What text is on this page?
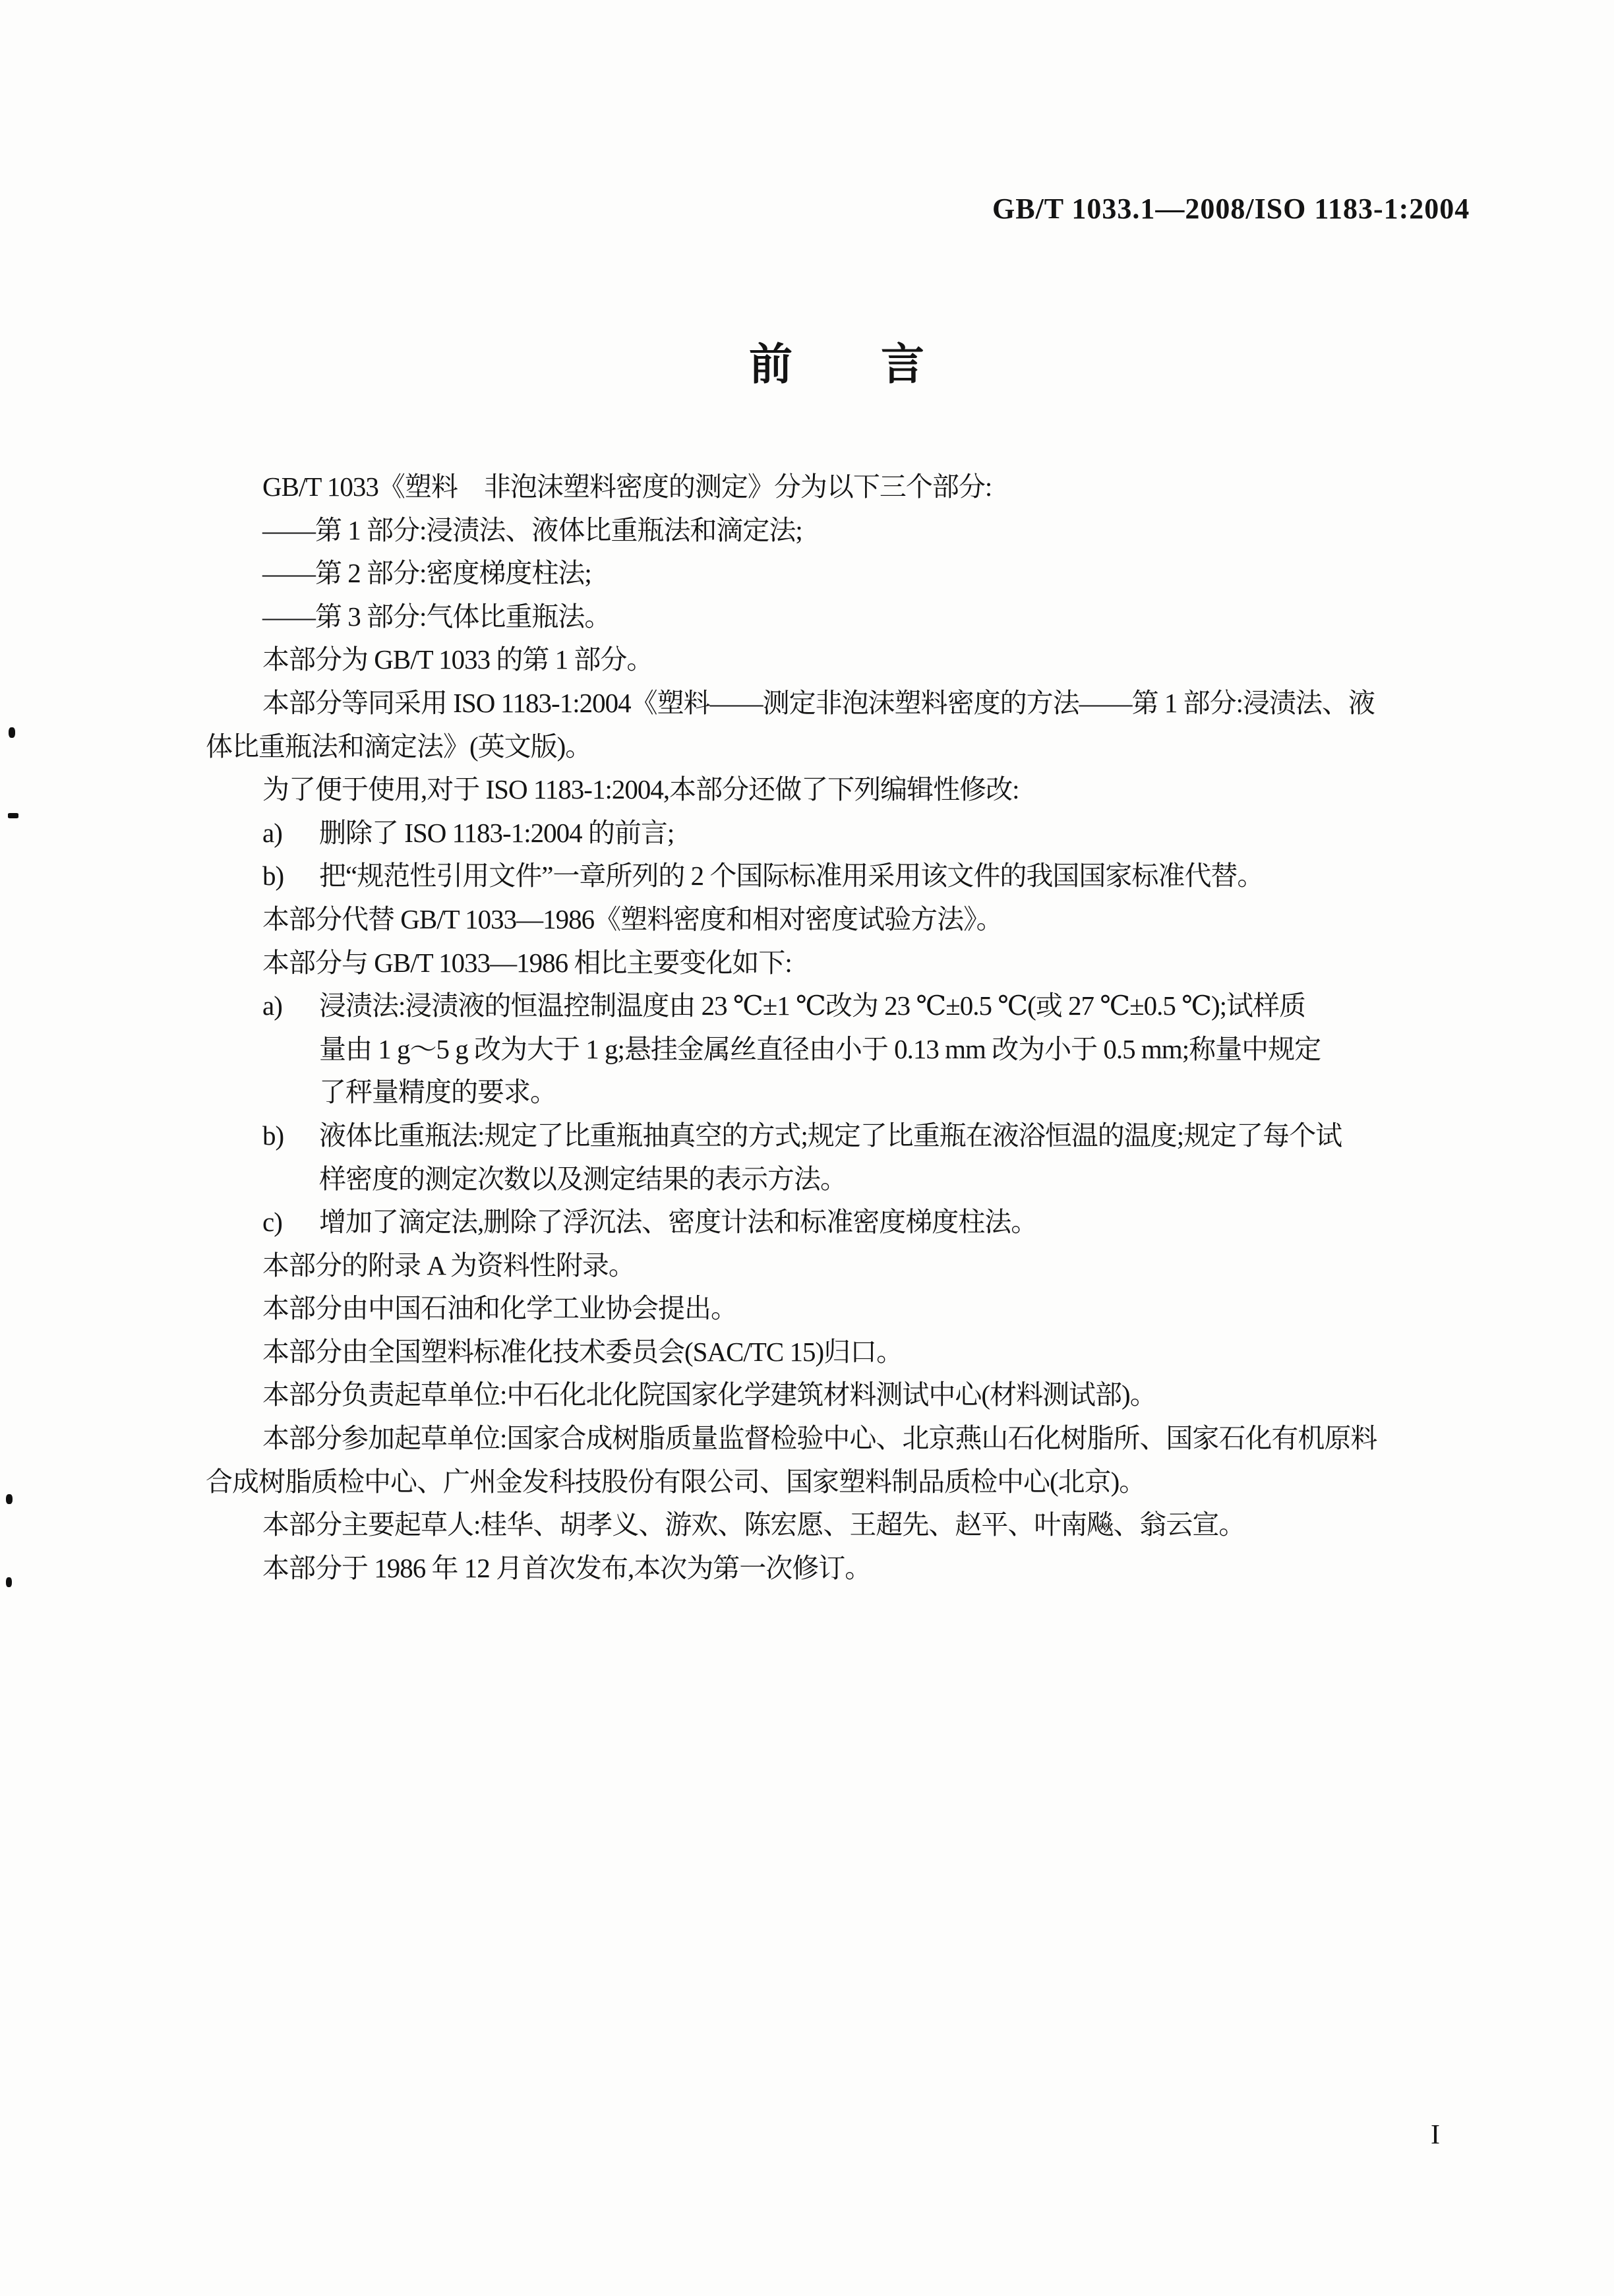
GB/T 1033.1—2008/ISO 1183-1:2004
前言
GB/T 1033《塑料　非泡沫塑料密度的测定》分为以下三个部分:
——第 1 部分:浸渍法、液体比重瓶法和滴定法;
——第 2 部分:密度梯度柱法;
——第 3 部分:气体比重瓶法。
本部分为 GB/T 1033 的第 1 部分。
本部分等同采用 ISO 1183-1:2004《塑料——测定非泡沫塑料密度的方法——第 1 部分:浸渍法、液
体比重瓶法和滴定法》(英文版)。
为了便于使用,对于 ISO 1183-1:2004,本部分还做了下列编辑性修改:
a) 删除了 ISO 1183-1:2004 的前言;
b) 把“规范性引用文件”一章所列的 2 个国际标准用采用该文件的我国国家标准代替。
本部分代替 GB/T 1033—1986《塑料密度和相对密度试验方法》。
本部分与 GB/T 1033—1986 相比主要变化如下:
a) 浸渍法:浸渍液的恒温控制温度由 23 ℃±1 ℃改为 23 ℃±0.5 ℃(或 27 ℃±0.5 ℃);试样质
量由 1 g～5 g 改为大于 1 g;悬挂金属丝直径由小于 0.13 mm 改为小于 0.5 mm;称量中规定
了秤量精度的要求。
b) 液体比重瓶法:规定了比重瓶抽真空的方式;规定了比重瓶在液浴恒温的温度;规定了每个试
样密度的测定次数以及测定结果的表示方法。
c) 增加了滴定法,删除了浮沉法、密度计法和标准密度梯度柱法。
本部分的附录 A 为资料性附录。
本部分由中国石油和化学工业协会提出。
本部分由全国塑料标准化技术委员会(SAC/TC 15)归口。
本部分负责起草单位:中石化北化院国家化学建筑材料测试中心(材料测试部)。
本部分参加起草单位:国家合成树脂质量监督检验中心、北京燕山石化树脂所、国家石化有机原料
合成树脂质检中心、广州金发科技股份有限公司、国家塑料制品质检中心(北京)。
本部分主要起草人:桂华、胡孝义、游欢、陈宏愿、王超先、赵平、叶南飚、翁云宣。
本部分于 1986 年 12 月首次发布,本次为第一次修订。
I
